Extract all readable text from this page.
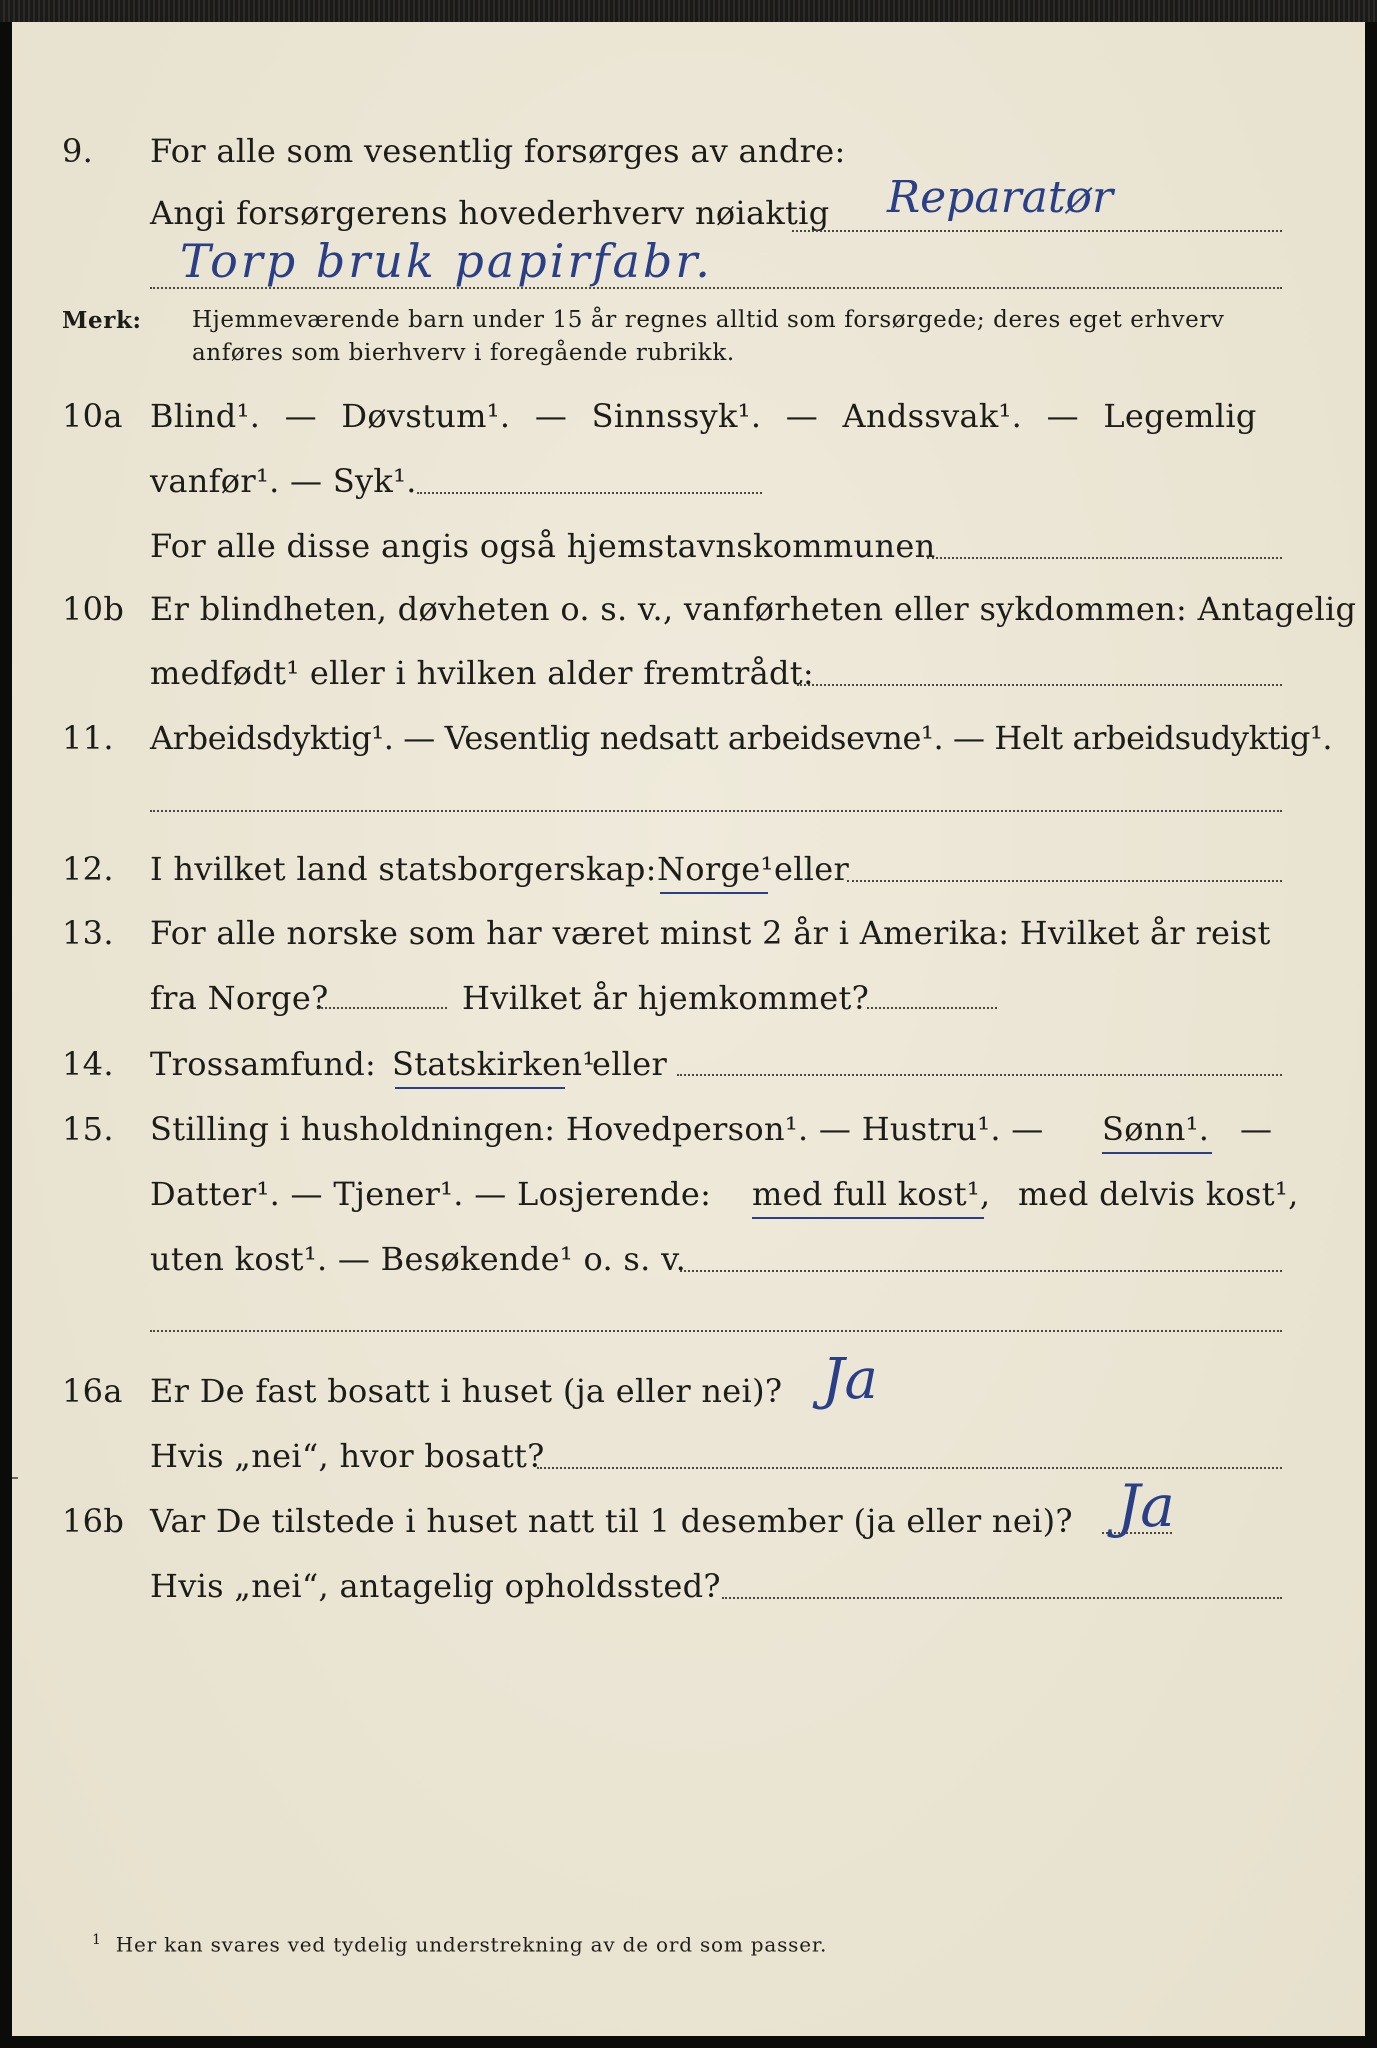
9. For alle som vesentlig forsørges av andre:
Angi forsørgerens hovederhverv nøiaktig Reparatør
Torp bruk papirfabr.
Merk: Hjemmeværende barn under 15 år regnes alltid som forsørgede; deres eget erhverv
anføres som bierhverv i foregående rubrikk.
10a Blind¹. — Døvstum¹. — Sinnssyk¹. — Andssvak¹. — Legemlig
vanfør¹. — Syk¹.
For alle disse angis også hjemstavnskommunen
10b Er blindheten, døvheten o. s. v., vanførheten eller sykdommen: Antagelig
medfødt¹ eller i hvilken alder fremtrådt:
11. Arbeidsdyktig¹. — Vesentlig nedsatt arbeidsevne¹. — Helt arbeidsudyktig¹.
12. I hvilket land statsborgerskap: Norge¹ eller
13. For alle norske som har været minst 2 år i Amerika: Hvilket år reist
fra Norge?	Hvilket år hjemkommet?
14. Trossamfund: Statskirken¹
eller
15. Stilling i husholdningen: Hovedperson¹. — Hustru¹. — Sønn¹. —
Datter¹. — Tjener¹. — Losjerende: med full kost¹, med delvis kost¹,
uten kost¹. — Besøkende¹ o. s. v.
16a Er De fast bosatt i huset (ja eller nei)? Ja
Hvis „nei“, hvor bosatt?
16b Var De tilstede i huset natt til 1 desember (ja eller nei)? Ja
Hvis „nei“, antagelig opholdssted?
$^1$ Her kan svares ved tydelig understrekning av de ord som passer.
